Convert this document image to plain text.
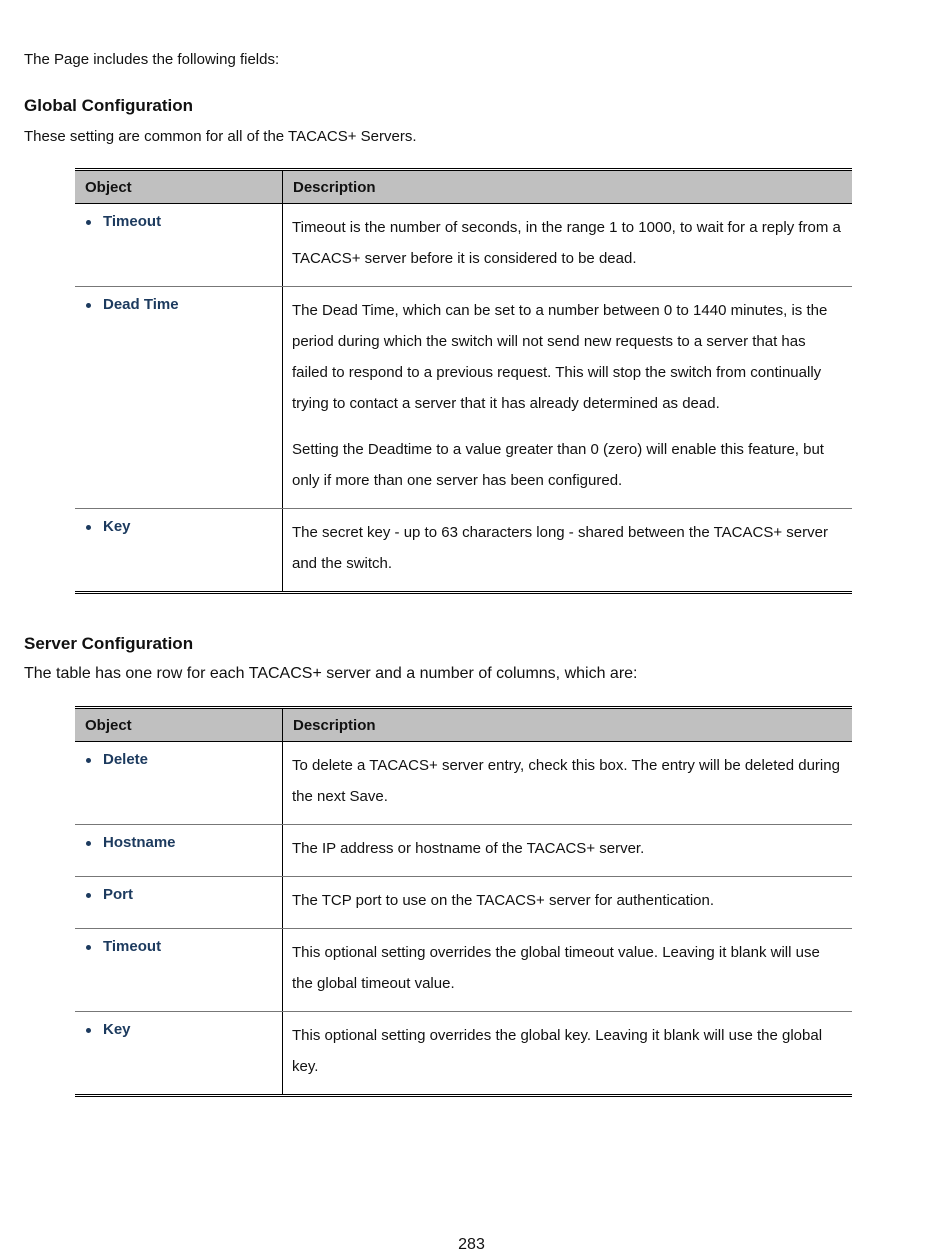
The Page includes the following fields:
Global Configuration
These setting are common for all of the TACACS+ Servers.
Object	Description

Timeout	Timeout is the number of seconds, in the range 1 to 1000, to wait for a reply from a TACACS+ server before it is considered to be dead.

Dead Time	The Dead Time, which can be set to a number between 0 to 1440 minutes, is the period during which the switch will not send new requests to a server that has failed to respond to a previous request. This will stop the switch from continually trying to contact a server that it has already determined as dead.

Setting the Deadtime to a value greater than 0 (zero) will enable this feature, but only if more than one server has been configured.

Key	The secret key - up to 63 characters long - shared between the TACACS+ server and the switch.

Server Configuration
The table has one row for each TACACS+ server and a number of columns, which are:
Object	Description

Delete	To delete a TACACS+ server entry, check this box. The entry will be deleted during the next Save.

Hostname	The IP address or hostname of the TACACS+ server.

Port	The TCP port to use on the TACACS+ server for authentication.

Timeout	This optional setting overrides the global timeout value. Leaving it blank will use the global timeout value.

Key	This optional setting overrides the global key. Leaving it blank will use the global key.

283
